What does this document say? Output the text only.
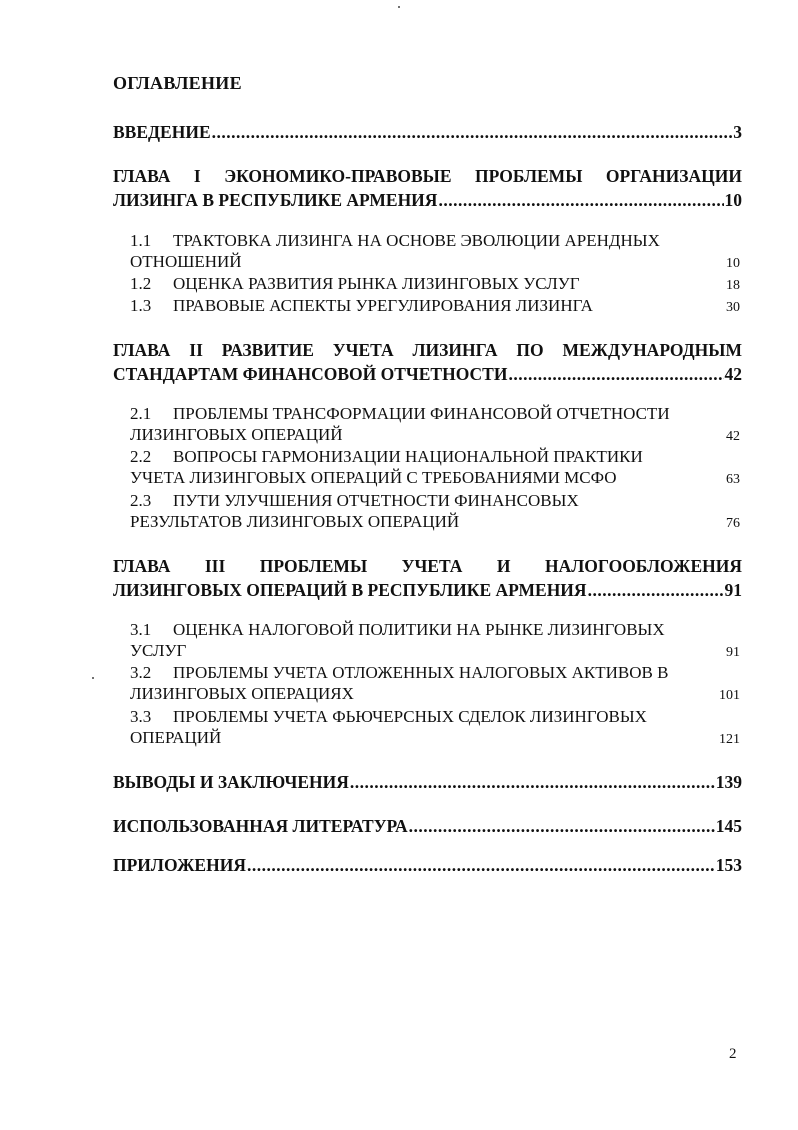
ОГЛАВЛЕНИЕ
ВВЕДЕНИЕ .....	3
ГЛАВА I ЭКОНОМИКО-ПРАВОВЫЕ ПРОБЛЕМЫ ОРГАНИЗАЦИИ
ЛИЗИНГА В РЕСПУБЛИКЕ АРМЕНИЯ .....	10
1.1	ТРАКТОВКА ЛИЗИНГА НА ОСНОВЕ ЭВОЛЮЦИИ АРЕНДНЫХ
ОТНОШЕНИЙ	10
1.2	ОЦЕНКА РАЗВИТИЯ РЫНКА ЛИЗИНГОВЫХ УСЛУГ	18
1.3	ПРАВОВЫЕ АСПЕКТЫ УРЕГУЛИРОВАНИЯ ЛИЗИНГА	30
ГЛАВА II РАЗВИТИЕ УЧЕТА ЛИЗИНГА ПО МЕЖДУНАРОДНЫМ
СТАНДАРТАМ ФИНАНСОВОЙ ОТЧЕТНОСТИ .....	42
2.1	ПРОБЛЕМЫ ТРАНСФОРМАЦИИ ФИНАНСОВОЙ ОТЧЕТНОСТИ
ЛИЗИНГОВЫХ ОПЕРАЦИЙ	42
2.2	ВОПРОСЫ ГАРМОНИЗАЦИИ НАЦИОНАЛЬНОЙ ПРАКТИКИ
УЧЕТА ЛИЗИНГОВЫХ ОПЕРАЦИЙ С ТРЕБОВАНИЯМИ МСФО	63
2.3	ПУТИ УЛУЧШЕНИЯ ОТЧЕТНОСТИ ФИНАНСОВЫХ
РЕЗУЛЬТАТОВ ЛИЗИНГОВЫХ ОПЕРАЦИЙ	76
ГЛАВА III ПРОБЛЕМЫ УЧЕТА И НАЛОГООБЛОЖЕНИЯ
ЛИЗИНГОВЫХ ОПЕРАЦИЙ В РЕСПУБЛИКЕ АРМЕНИЯ .....	91
3.1	ОЦЕНКА НАЛОГОВОЙ ПОЛИТИКИ НА РЫНКЕ ЛИЗИНГОВЫХ
УСЛУГ	91
3.2	ПРОБЛЕМЫ УЧЕТА ОТЛОЖЕННЫХ НАЛОГОВЫХ АКТИВОВ В
ЛИЗИНГОВЫХ ОПЕРАЦИЯХ	101
3.3	ПРОБЛЕМЫ УЧЕТА ФЬЮЧЕРСНЫХ СДЕЛОК ЛИЗИНГОВЫХ
ОПЕРАЦИЙ	121
ВЫВОДЫ И ЗАКЛЮЧЕНИЯ .....	139
ИСПОЛЬЗОВАННАЯ ЛИТЕРАТУРА .....	145
ПРИЛОЖЕНИЯ .....	153
2
